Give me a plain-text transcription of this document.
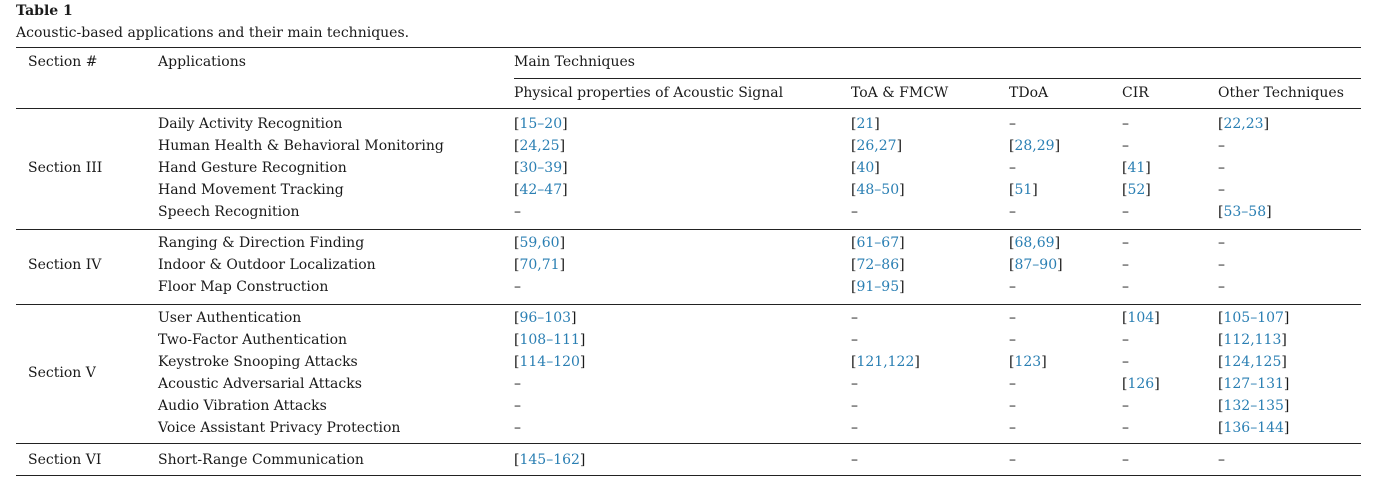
Table 1
Acoustic-based applications and their main techniques.
Section #	Applications	Main Techniques
Physical properties of Acoustic Signal	ToA & FMCW	TDoA	CIR	Other Techniques
Section III
Daily Activity Recognition	[15–20]	[21]	–	–	[22,23]
Human Health & Behavioral Monitoring	[24,25]	[26,27]	[28,29]	–	–
Hand Gesture Recognition	[30–39]	[40]	–	[41]	–
Hand Movement Tracking	[42–47]	[48–50]	[51]	[52]	–
Speech Recognition	–	–	–	–	[53–58]
Section IV
Ranging & Direction Finding	[59,60]	[61–67]	[68,69]	–	–
Indoor & Outdoor Localization	[70,71]	[72–86]	[87–90]	–	–
Floor Map Construction	–	[91–95]	–	–	–
Section V
User Authentication	[96–103]	–	–	[104]	[105–107]
Two-Factor Authentication	[108–111]	–	–	–	[112,113]
Keystroke Snooping Attacks	[114–120]	[121,122]	[123]	–	[124,125]
Acoustic Adversarial Attacks	–	–	–	[126]	[127–131]
Audio Vibration Attacks	–	–	–	–	[132–135]
Voice Assistant Privacy Protection	–	–	–	–	[136–144]
Section VI	Short-Range Communication	[145–162]	–	–	–	–
